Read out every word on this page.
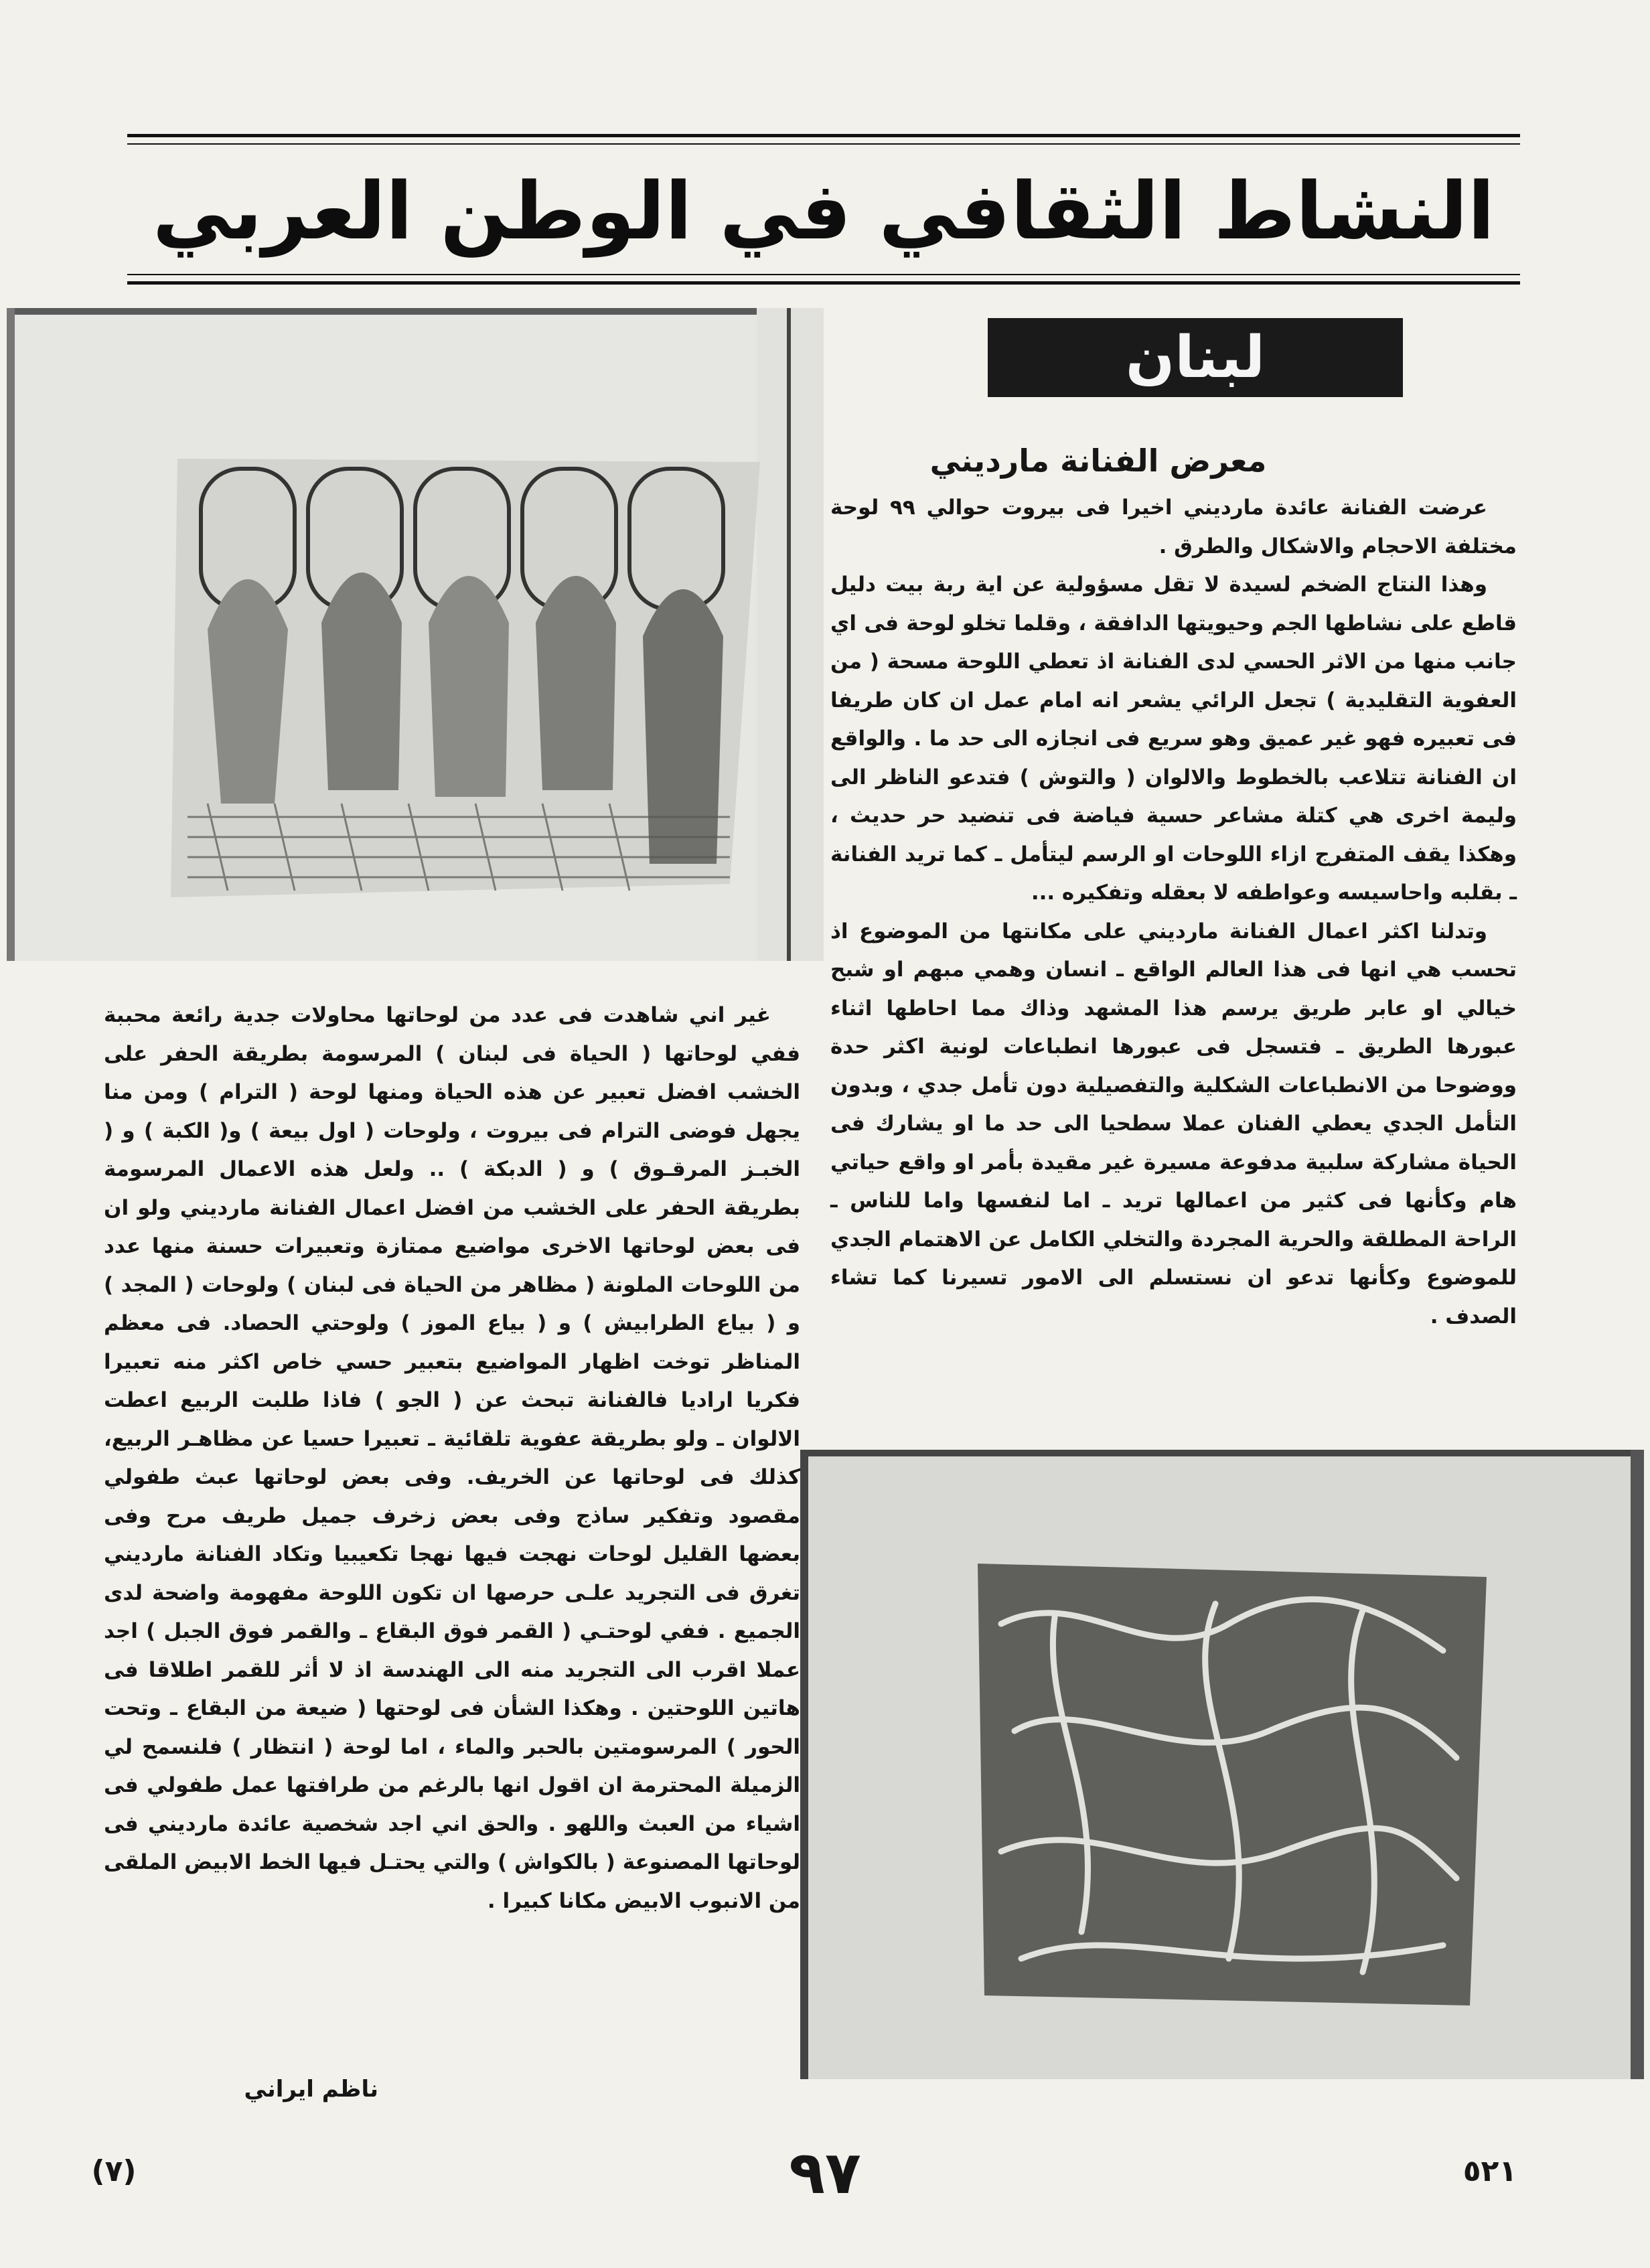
النشاط الثقافي في الوطن العربي
لبنان
معرض الفنانة مارديني

عرضت الفنانة عائدة مارديني اخيرا فى بيروت حوالي ٩٩ لوحة مختلفة الاحجام والاشكال والطرق .

وهذا النتاج الضخم لسيدة لا تقل مسؤولية عن اية ربة بيت دليل قاطع على نشاطها الجم وحيويتها الدافقة ، وقلما تخلو لوحة فى اي جانب منها من الاثر الحسي لدى الفنانة اذ تعطي اللوحة مسحة ( من العفوية التقليدية ) تجعل الرائي يشعر انه امام عمل ان كان طريفا فى تعبيره فهو غير عميق وهو سريع فى انجازه الى حد ما . والواقع ان الفنانة تتلاعب بالخطوط والالوان ( والتوش ) فتدعو الناظر الى وليمة اخرى هي كتلة مشاعر حسية فياضة فى تنضيد حر حديث ، وهكذا يقف المتفرج ازاء اللوحات او الرسم ليتأمل ـ كما تريد الفنانة ـ بقلبه واحاسيسه وعواطفه لا بعقله وتفكيره ...

وتدلنا اكثر اعمال الفنانة مارديني على مكانتها من الموضوع اذ تحسب هي انها فى هذا العالم الواقع ـ انسان وهمي مبهم او شبح خيالي او عابر طريق يرسم هذا المشهد وذاك مما احاطها اثناء عبورها الطريق ـ فتسجل فى عبورها انطباعات لونية اكثر حدة ووضوحا من الانطباعات الشكلية والتفصيلية دون تأمل جدي ، وبدون التأمل الجدي يعطي الفنان عملا سطحيا الى حد ما او يشارك فى الحياة مشاركة سلبية مدفوعة مسيرة غير مقيدة بأمر او واقع حياتي هام وكأنها فى كثير من اعمالها تريد ـ اما لنفسها واما للناس ـ الراحة المطلقة والحرية المجردة والتخلي الكامل عن الاهتمام الجدي للموضوع وكأنها تدعو ان نستسلم الى الامور تسيرنا كما تشاء الصدف .

غير اني شاهدت فى عدد من لوحاتها محاولات جدية رائعة محببة ففي لوحاتها ( الحياة فى لبنان ) المرسومة بطريقة الحفر على الخشب افضل تعبير عن هذه الحياة ومنها لوحة ( الترام ) ومن منا يجهل فوضى الترام فى بيروت ، ولوحات ( اول بيعة ) و( الكبة ) و ( الخبـز المرقـوق ) و ( الدبكة ) .. ولعل هذه الاعمال المرسومة بطريقة الحفر على الخشب من افضل اعمال الفنانة مارديني ولو ان فى بعض لوحاتها الاخرى مواضيع ممتازة وتعبيرات حسنة منها عدد من اللوحات الملونة ( مظاهر من الحياة فى لبنان ) ولوحات ( المجد ) و ( بياع الطرابيش ) و ( بياع الموز ) ولوحتي الحصاد. فى معظم المناظر توخت اظهار المواضيع بتعبير حسي خاص اكثر منه تعبيرا فكريا اراديا فالفنانة تبحث عن ( الجو ) فاذا طلبت الربيع اعطت الالوان ـ ولو بطريقة عفوية تلقائية ـ تعبيرا حسيا عن مظاهـر الربيع، كذلك فى لوحاتها عن الخريف. وفى بعض لوحاتها عبث طفولي مقصود وتفكير ساذج وفى بعض زخرف جميل طريف مرح وفى بعضها القليل لوحات نهجت فيها نهجا تكعيبيا وتكاد الفنانة مارديني تغرق فى التجريد علـى حرصها ان تكون اللوحة مفهومة واضحة لدى الجميع . ففي لوحتـي ( القمر فوق البقاع ـ والقمر فوق الجبل ) اجد عملا اقرب الى التجريد منه الى الهندسة اذ لا أثر للقمر اطلاقا فى هاتين اللوحتين . وهكذا الشأن فى لوحتها ( ضيعة من البقاع ـ وتحت الحور ) المرسومتين بالحبر والماء ، اما لوحة ( انتظار ) فلنسمح لي الزميلة المحترمة ان اقول انها بالرغم من طرافتها عمل طفولي فى اشياء من العبث واللهو . والحق اني اجد شخصية عائدة مارديني فى لوحاتها المصنوعة ( بالكواش ) والتي يحتـل فيها الخط الابيض الملقى من الانبوب الابيض مكانا كبيرا .

ناظم ايراني
(٧)	٩٧	٥٢١
